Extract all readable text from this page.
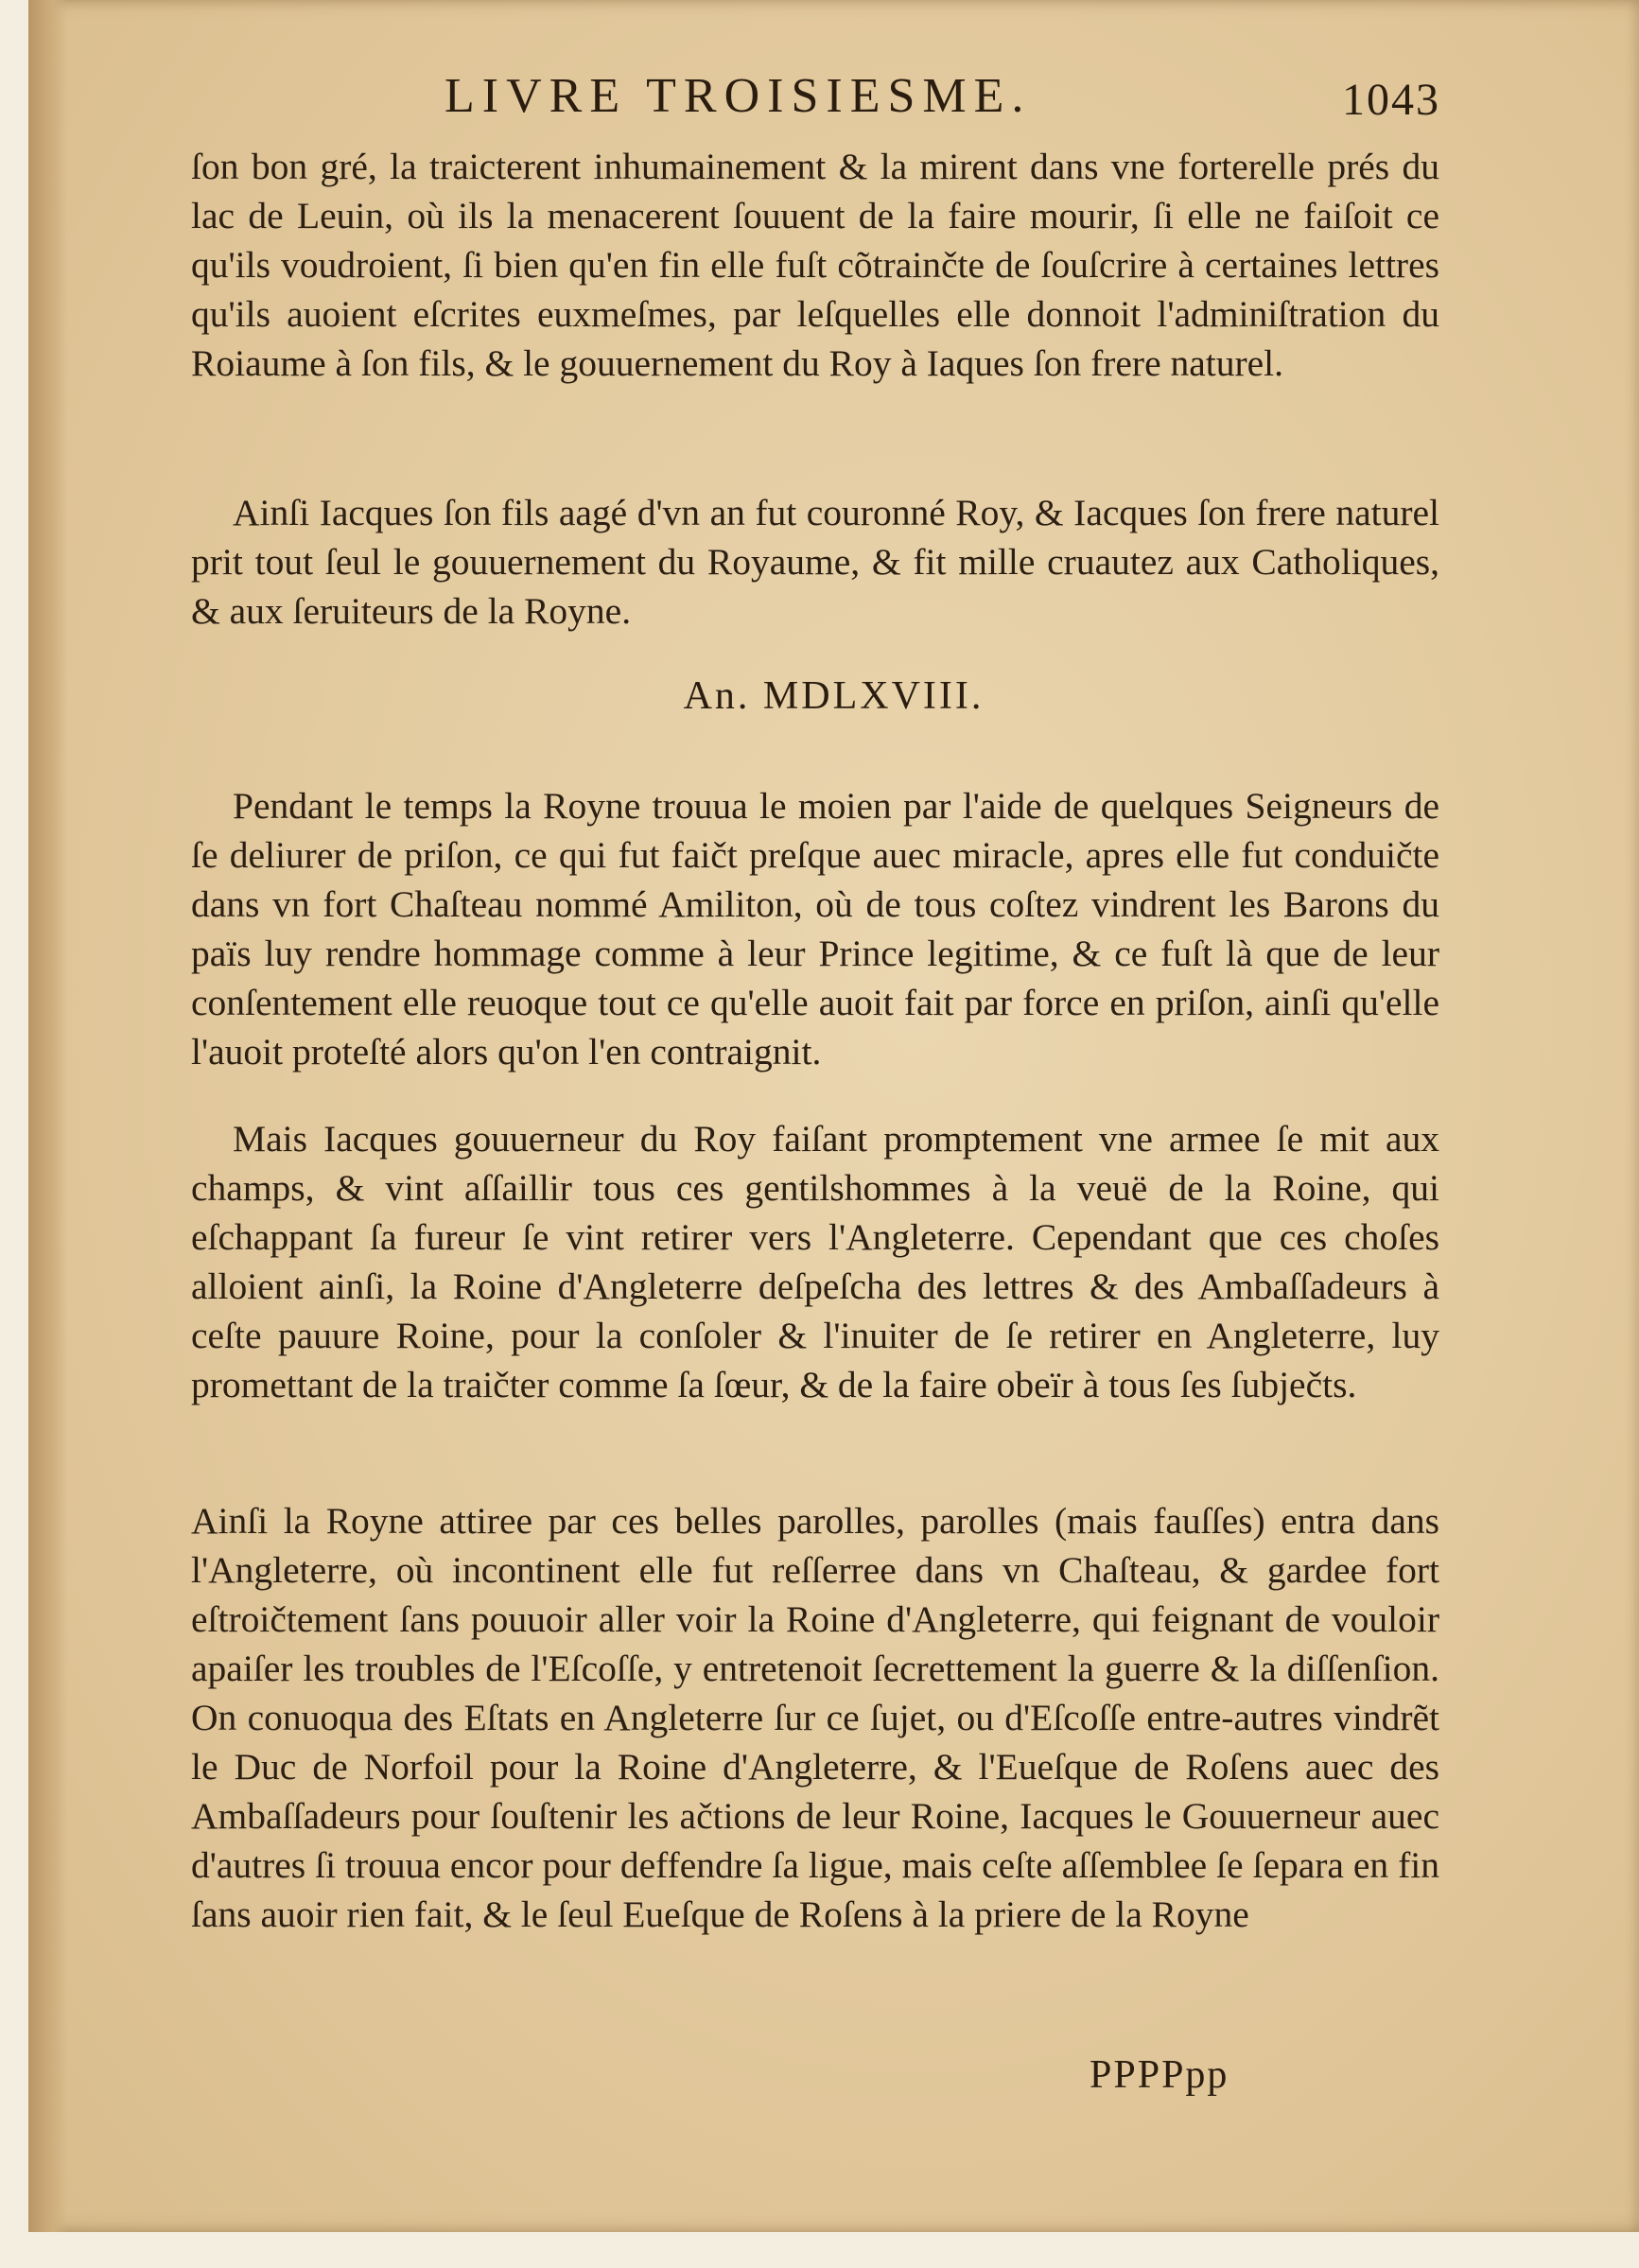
LIVRE TROISIESME.	1043
ſon bon gré, la traicterent inhumainement & la mirent dans vne forterelle prés du lac de Leuin, où ils la menacerent ſouuent de la faire mourir, ſi elle ne faiſoit ce qu'ils voudroient, ſi bien qu'en fin elle fuſt cõtrainčte de ſouſcrire à certaines lettres qu'ils auoient eſcrites euxmeſmes, par leſquelles elle donnoit l'adminiſtration du Roiaume à ſon fils, & le gouuernement du Roy à Iaques ſon frere naturel.
Ainſi Iacques ſon fils aagé d'vn an fut couronné Roy, & Iacques ſon frere naturel prit tout ſeul le gouuernement du Royaume, & fit mille cruautez aux Catholiques, & aux ſeruiteurs de la Royne.
An. MDLXVIII.
Pendant le temps la Royne trouua le moien par l'aide de quelques Seigneurs de ſe deliurer de priſon, ce qui fut faičt preſque auec miracle, apres elle fut conduičte dans vn fort Chaſteau nommé Amiliton, où de tous coſtez vindrent les Barons du païs luy rendre hommage comme à leur Prince legitime, & ce fuſt là que de leur conſentement elle reuoque tout ce qu'elle auoit fait par force en priſon, ainſi qu'elle l'auoit proteſté alors qu'on l'en contraignit.
Mais Iacques gouuerneur du Roy faiſant promptement vne armee ſe mit aux champs, & vint aſſaillir tous ces gentilshommes à la veuë de la Roine, qui eſchappant ſa fureur ſe vint retirer vers l'Angleterre. Cependant que ces choſes alloient ainſi, la Roine d'Angleterre deſpeſcha des lettres & des Ambaſſadeurs à ceſte pauure Roine, pour la conſoler & l'inuiter de ſe retirer en Angleterre, luy promettant de la traičter comme ſa ſœur, & de la faire obeïr à tous ſes ſubječts.
Ainſi la Royne attiree par ces belles parolles, parolles (mais fauſſes) entra dans l'Angleterre, où incontinent elle fut reſſerree dans vn Chaſteau, & gardee fort eſtroičtement ſans pouuoir aller voir la Roine d'Angleterre, qui feignant de vouloir apaiſer les troubles de l'Eſcoſſe, y entretenoit ſecrettement la guerre & la diſſenſion. On conuoqua des Eſtats en Angleterre ſur ce ſujet, ou d'Eſcoſſe entre-autres vindrẽt le Duc de Norfoil pour la Roine d'Angleterre, & l'Eueſque de Roſens auec des Ambaſſadeurs pour ſouſtenir les ačtions de leur Roine, Iacques le Gouuerneur auec d'autres ſi trouua encor pour deffendre ſa ligue, mais ceſte aſſemblee ſe ſepara en fin ſans auoir rien fait, & le ſeul Eueſque de Roſens à la priere de la Royne
PPPPpp
